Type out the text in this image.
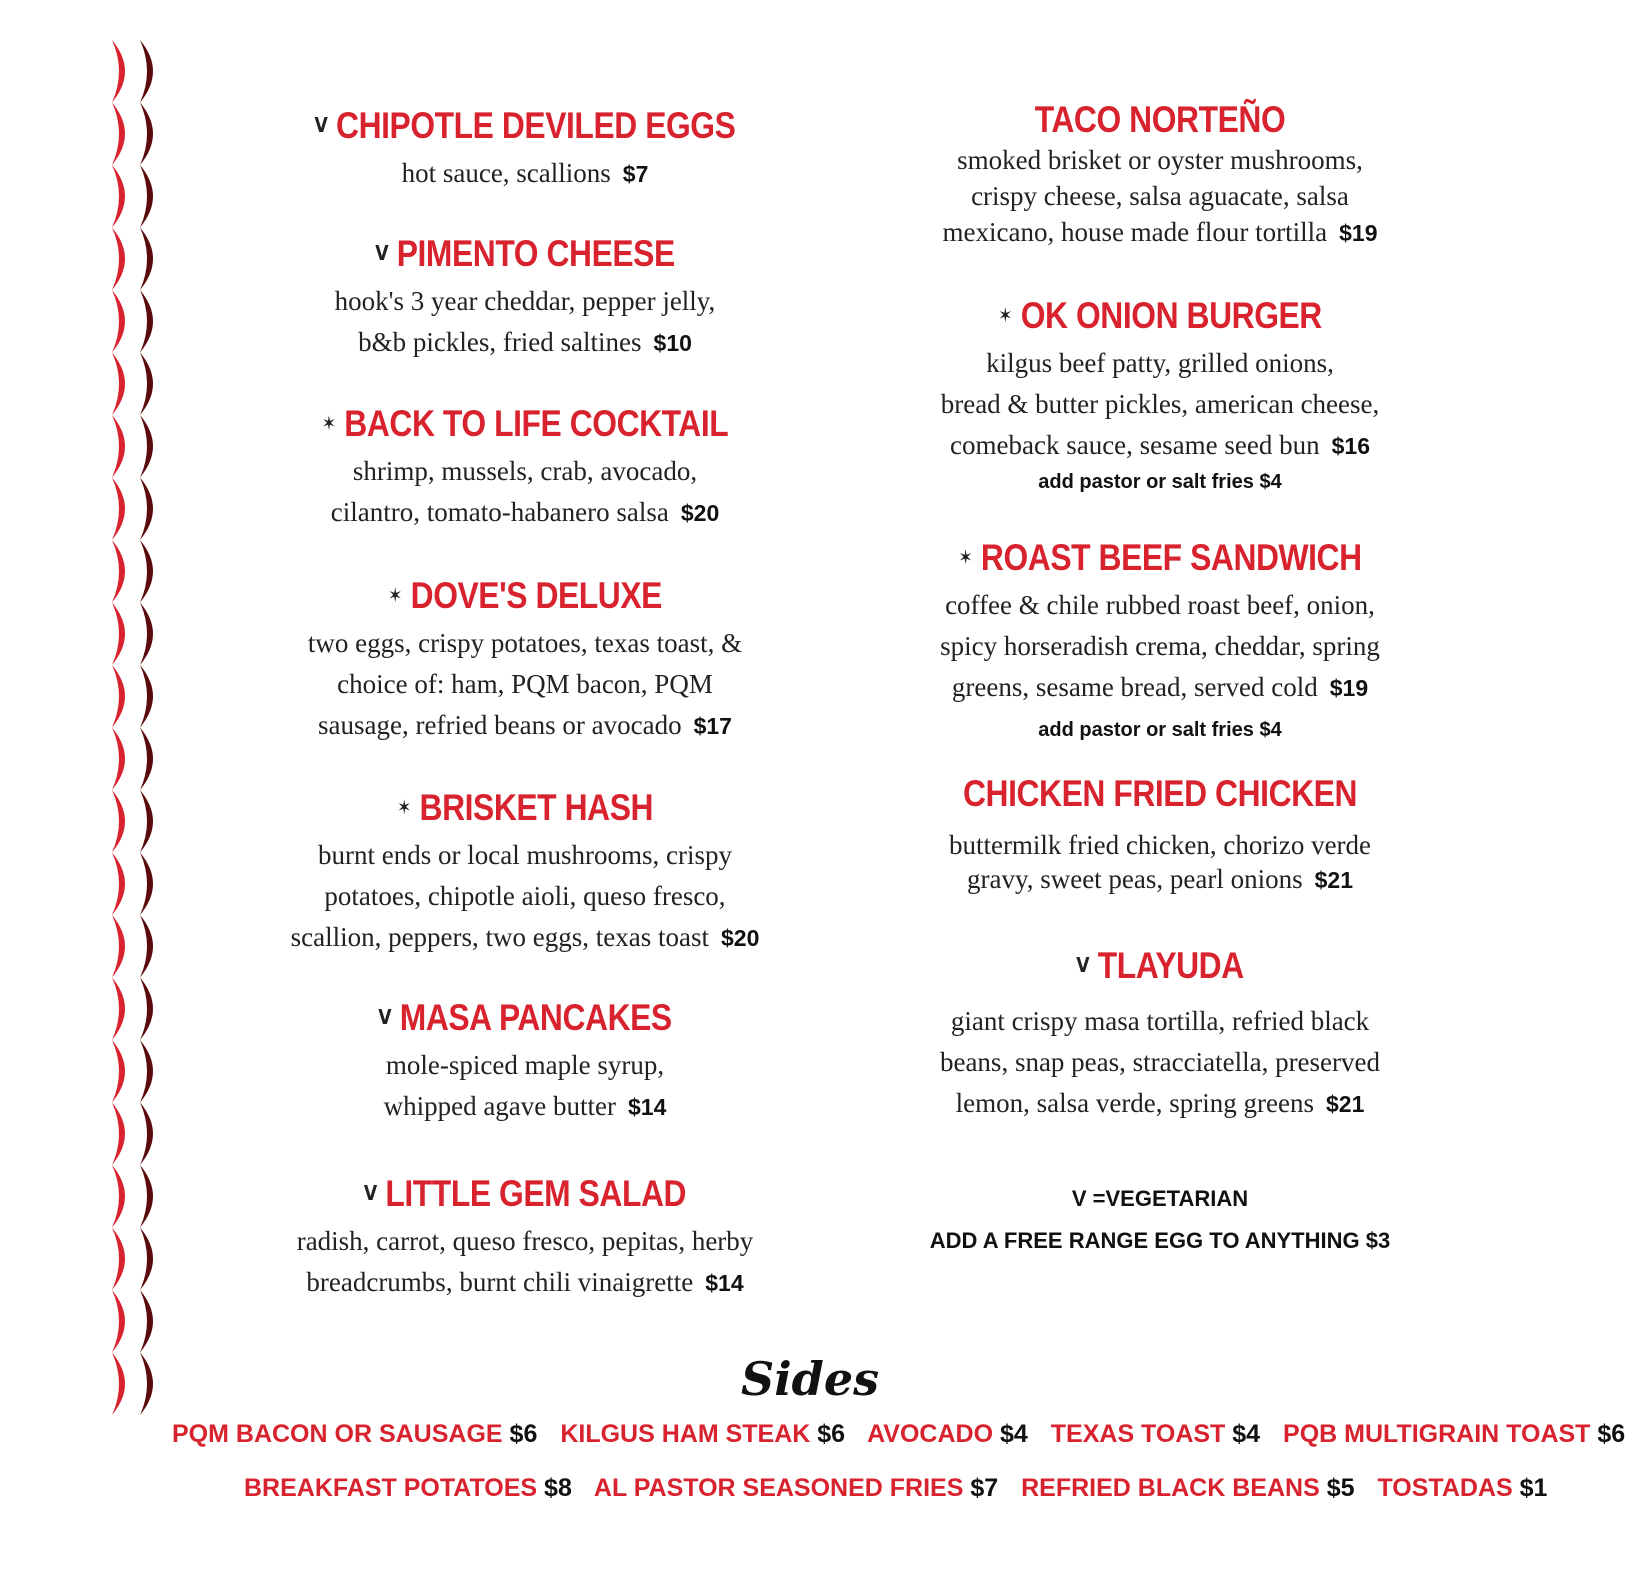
V CHIPOTLE DEVILED EGGS
hot sauce, scallions $7
V PIMENTO CHEESE
hook's 3 year cheddar, pepper jelly,
b&b pickles, fried saltines $10
✶ BACK TO LIFE COCKTAIL
shrimp, mussels, crab, avocado,
cilantro, tomato-habanero salsa $20
✶ DOVE'S DELUXE
two eggs, crispy potatoes, texas toast, &
choice of: ham, PQM bacon, PQM
sausage, refried beans or avocado $17
✶ BRISKET HASH
burnt ends or local mushrooms, crispy
potatoes, chipotle aioli, queso fresco,
scallion, peppers, two eggs, texas toast $20
V MASA PANCAKES
mole-spiced maple syrup,
whipped agave butter $14
V LITTLE GEM SALAD
radish, carrot, queso fresco, pepitas, herby
breadcrumbs, burnt chili vinaigrette $14
TACO NORTEÑO
smoked brisket or oyster mushrooms,
crispy cheese, salsa aguacate, salsa
mexicano, house made flour tortilla $19
✶ OK ONION BURGER
kilgus beef patty, grilled onions,
bread & butter pickles, american cheese,
comeback sauce, sesame seed bun $16
add pastor or salt fries $4
✶ ROAST BEEF SANDWICH
coffee & chile rubbed roast beef, onion,
spicy horseradish crema, cheddar, spring
greens, sesame bread, served cold $19
add pastor or salt fries $4
CHICKEN FRIED CHICKEN
buttermilk fried chicken, chorizo verde
gravy, sweet peas, pearl onions $21
V TLAYUDA
giant crispy masa tortilla, refried black
beans, snap peas, stracciatella, preserved
lemon, salsa verde, spring greens $21
V =VEGETARIAN
ADD A FREE RANGE EGG TO ANYTHING $3
Sides
PQM BACON OR SAUSAGE $6 KILGUS HAM STEAK $6 AVOCADO $4 TEXAS TOAST $4 PQB MULTIGRAIN TOAST $6
BREAKFAST POTATOES $8 AL PASTOR SEASONED FRIES $7 REFRIED BLACK BEANS $5 TOSTADAS $1
